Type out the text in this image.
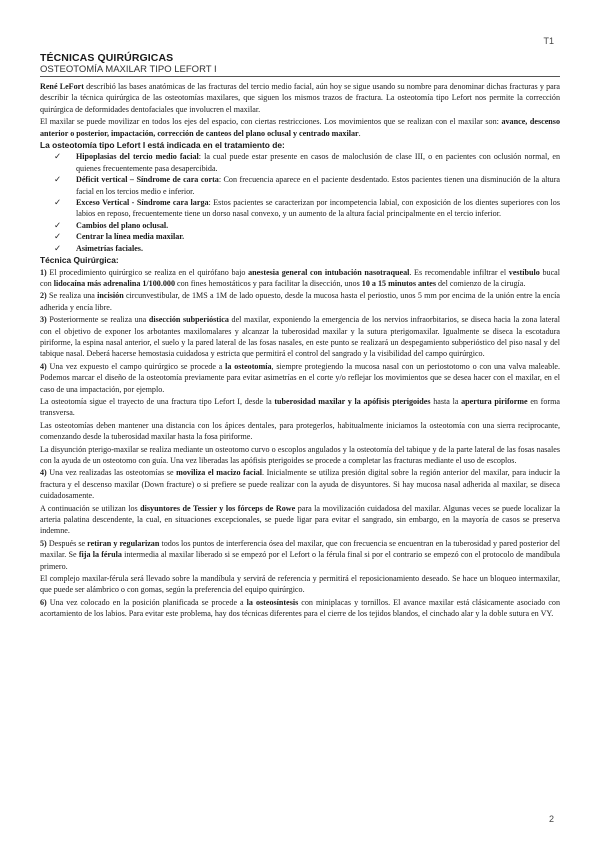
T1
TÉCNICAS QUIRÚRGICAS
OSTEOTOMÍA MAXILAR TIPO LEFORT I

René LeFort describió las bases anatómicas de las fracturas del tercio medio facial, aún hoy se sigue usando su nombre para denominar dichas fracturas y para describir la técnica quirúrgica de las osteotomías maxilares, que siguen los mismos trazos de fractura. La osteotomía tipo Lefort nos permite la corrección quirúrgica de deformidades dentofaciales que involucren el maxilar.

El maxilar se puede movilizar en todos los ejes del espacio, con ciertas restricciones. Los movimientos que se realizan con el maxilar son: avance, descenso anterior o posterior, impactación, corrección de canteos del plano oclusal y centrado maxilar.

La osteotomía tipo Lefort I está indicada en el tratamiento de:
✓ Hipoplasias del tercio medio facial: la cual puede estar presente en casos de maloclusión de clase III, o en pacientes con oclusión normal, en quienes frecuentemente pasa desapercibida.
✓ Déficit vertical – Síndrome de cara corta: Con frecuencia aparece en el paciente desdentado. Estos pacientes tienen una disminución de la altura facial en los tercios medio e inferior.
✓ Exceso Vertical - Síndrome cara larga: Estos pacientes se caracterizan por incompetencia labial, con exposición de los dientes superiores con los labios en reposo, frecuentemente tiene un dorso nasal convexo, y un aumento de la altura facial principalmente en el tercio inferior.
✓ Cambios del plano oclusal.
✓ Centrar la línea media maxilar.
✓ Asimetrías faciales.
Técnica Quirúrgica:

1) El procedimiento quirúrgico se realiza en el quirófano bajo anestesia general con intubación nasotraqueal. Es recomendable infiltrar el vestíbulo bucal con lidocaína más adrenalina 1/100.000 con fines hemostáticos y para facilitar la disección, unos 10 a 15 minutos antes del comienzo de la cirugía.

2) Se realiza una incisión circunvestibular, de 1MS a 1M de lado opuesto, desde la mucosa hasta el periostio, unos 5 mm por encima de la unión entre la encía adherida y encía libre.

3) Posteriormente se realiza una disección subperióstica del maxilar, exponiendo la emergencia de los nervios infraorbitarios, se diseca hacia la zona lateral con el objetivo de exponer los arbotantes maxilomalares y alcanzar la tuberosidad maxilar y la sutura pterigomaxilar. Igualmente se diseca la escotadura piriforme, la espina nasal anterior, el suelo y la pared lateral de las fosas nasales, en este punto se realizará un despegamiento subperióstico del piso nasal y del tabique nasal. Deberá hacerse hemostasia cuidadosa y estricta que permitirá el control del sangrado y la visibilidad del campo quirúrgico.

4) Una vez expuesto el campo quirúrgico se procede a la osteotomía, siempre protegiendo la mucosa nasal con un periostotomo o con una valva maleable. Podemos marcar el diseño de la osteotomía previamente para evitar asimetrías en el corte y/o reflejar los movimientos que se desea hacer con el maxilar, en el caso de una impactación, por ejemplo.

La osteotomía sigue el trayecto de una fractura tipo Lefort I, desde la tuberosidad maxilar y la apófisis pterigoides hasta la apertura piriforme en forma transversa.

Las osteotomías deben mantener una distancia con los ápices dentales, para protegerlos, habitualmente iniciamos la osteotomía con una sierra reciprocante, comenzando desde la tuberosidad maxilar hasta la fosa piriforme.

La disyunción pterigo-maxilar se realiza mediante un osteotomo curvo o escoplos angulados y la osteotomía del tabique y de la parte lateral de las fosas nasales con la ayuda de un osteotomo con guía. Una vez liberadas las apófisis pterigoides se procede a completar las fracturas mediante el uso de escoplos.

4) Una vez realizadas las osteotomías se moviliza el macizo facial. Inicialmente se utiliza presión digital sobre la región anterior del maxilar, para inducir la fractura y el descenso maxilar (Down fracture) o si prefiere se puede realizar con la ayuda de disyuntores. Si hay mucosa nasal adherida al maxilar, se diseca cuidadosamente.

A continuación se utilizan los disyuntores de Tessier y los fórceps de Rowe para la movilización cuidadosa del maxilar. Algunas veces se puede localizar la arteria palatina descendente, la cual, en situaciones excepcionales, se puede ligar para evitar el sangrado, sin embargo, en la mayoría de casos se preserva indemne.

5) Después se retiran y regularizan todos los puntos de interferencia ósea del maxilar, que con frecuencia se encuentran en la tuberosidad y pared posterior del maxilar. Se fija la férula intermedia al maxilar liberado si se empezó por el Lefort o la férula final si por el contrario se empezó con el protocolo de mandíbula primero.

El complejo maxilar-férula será llevado sobre la mandíbula y servirá de referencia y permitirá el reposicionamiento deseado. Se hace un bloqueo intermaxilar, que puede ser alámbrico o con gomas, según la preferencia del equipo quirúrgico.

6) Una vez colocado en la posición planificada se procede a la osteosíntesis con miniplacas y tornillos. El avance maxilar está clásicamente asociado con acortamiento de los labios. Para evitar este problema, hay dos técnicas diferentes para el cierre de los tejidos blandos, el cinchado alar y la doble sutura en VY.

2
